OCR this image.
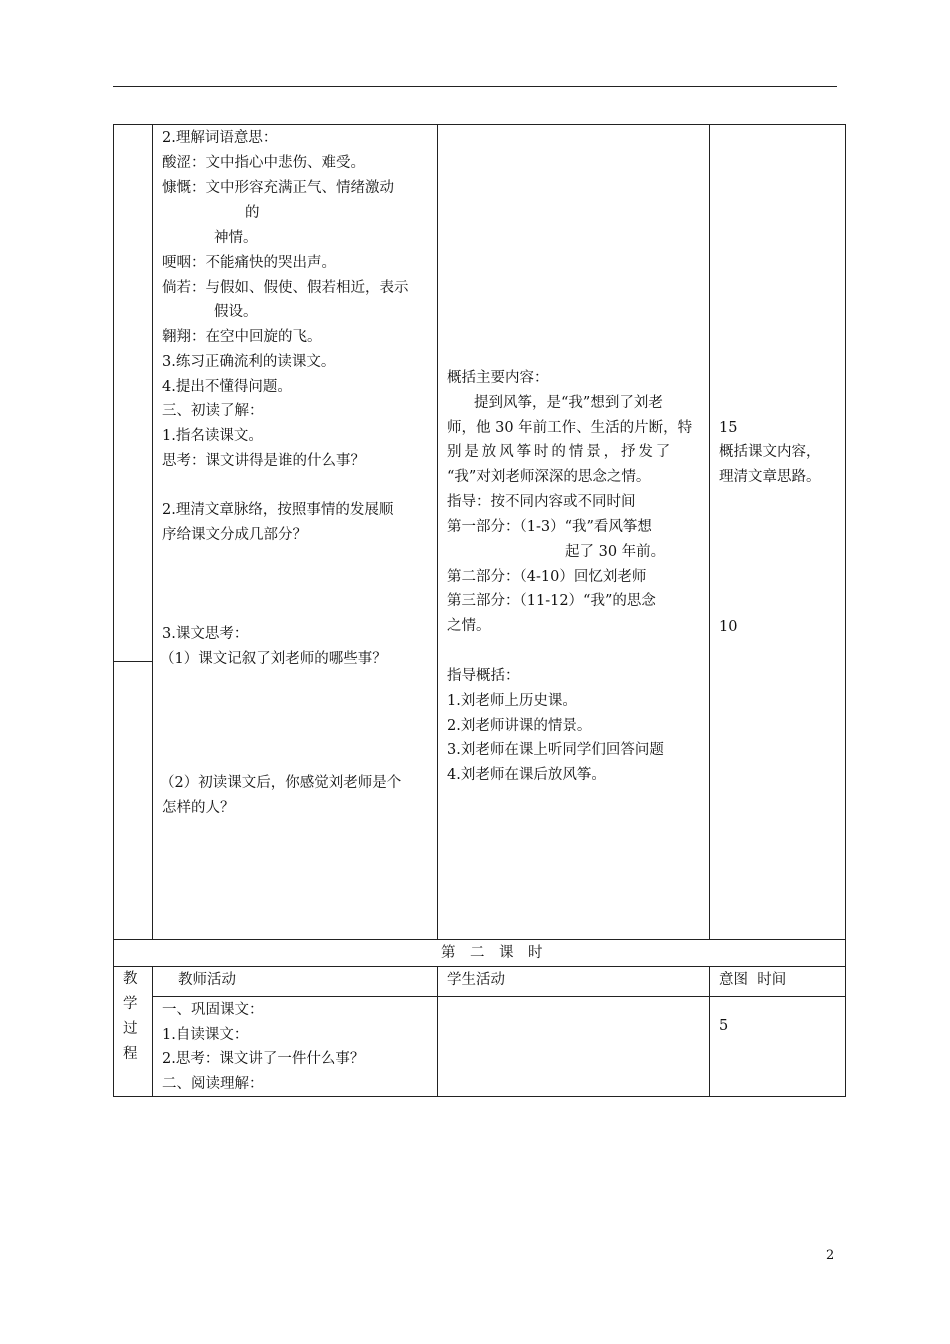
2.理解词语意思：
酸涩：文中指心中悲伤、难受。
慷慨：文中形容充满正气、情绪激动
的
神情。
哽咽：不能痛快的哭出声。
倘若：与假如、假使、假若相近，表示
假设。
翱翔：在空中回旋的飞。
3.练习正确流利的读课文。
4.提出不懂得问题。
三、初读了解：
1.指名读课文。
思考：课文讲得是谁的什么事？
2.理清文章脉络，按照事情的发展顺
序给课文分成几部分？
3.课文思考：
（1）课文记叙了刘老师的哪些事？
（2）初读课文后，你感觉刘老师是个
怎样的人？
概括主要内容：
提到风筝，是“我”想到了刘老
师，他 30 年前工作、生活的片断，特
别是放风筝时的情景，抒发了
“我”对刘老师深深的思念之情。
指导：按不同内容或不同时间
第一部分：（1-3）“我”看风筝想
起了 30 年前。
第二部分：（4-10）回忆刘老师
第三部分：（11-12）“我”的思念
之情。
指导概括：
1.刘老师上历史课。
2.刘老师讲课的情景。
3.刘老师在课上听同学们回答问题
4.刘老师在课后放风筝。
15
概括课文内容，
理清文章思路。
10
第　二　课　时
教
学
过
程
教师活动	学生活动	意图  时间
一、巩固课文：
1.自读课文：
2.思考：课文讲了一件什么事？
二、阅读理解：
5
2
